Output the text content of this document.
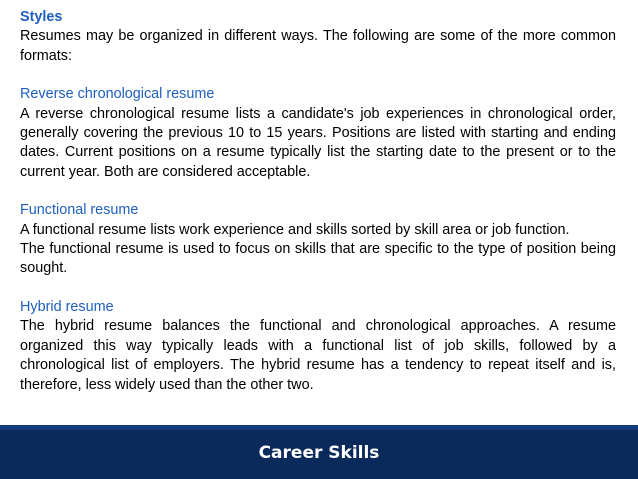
Styles

Resumes may be organized in different ways. The following are some of the more common formats:

Reverse chronological resume

A reverse chronological resume lists a candidate's job experiences in chronological order, generally covering the previous 10 to 15 years. Positions are listed with starting and ending dates. Current positions on a resume typically list the starting date to the present or to the current year. Both are considered acceptable.

Functional resume

A functional resume lists work experience and skills sorted by skill area or job function.

The functional resume is used to focus on skills that are specific to the type of position being sought.

Hybrid resume

The hybrid resume balances the functional and chronological approaches. A resume organized this way typically leads with a functional list of job skills, followed by a chronological list of employers. The hybrid resume has a tendency to repeat itself and is, therefore, less widely used than the other two.

Career Skills
